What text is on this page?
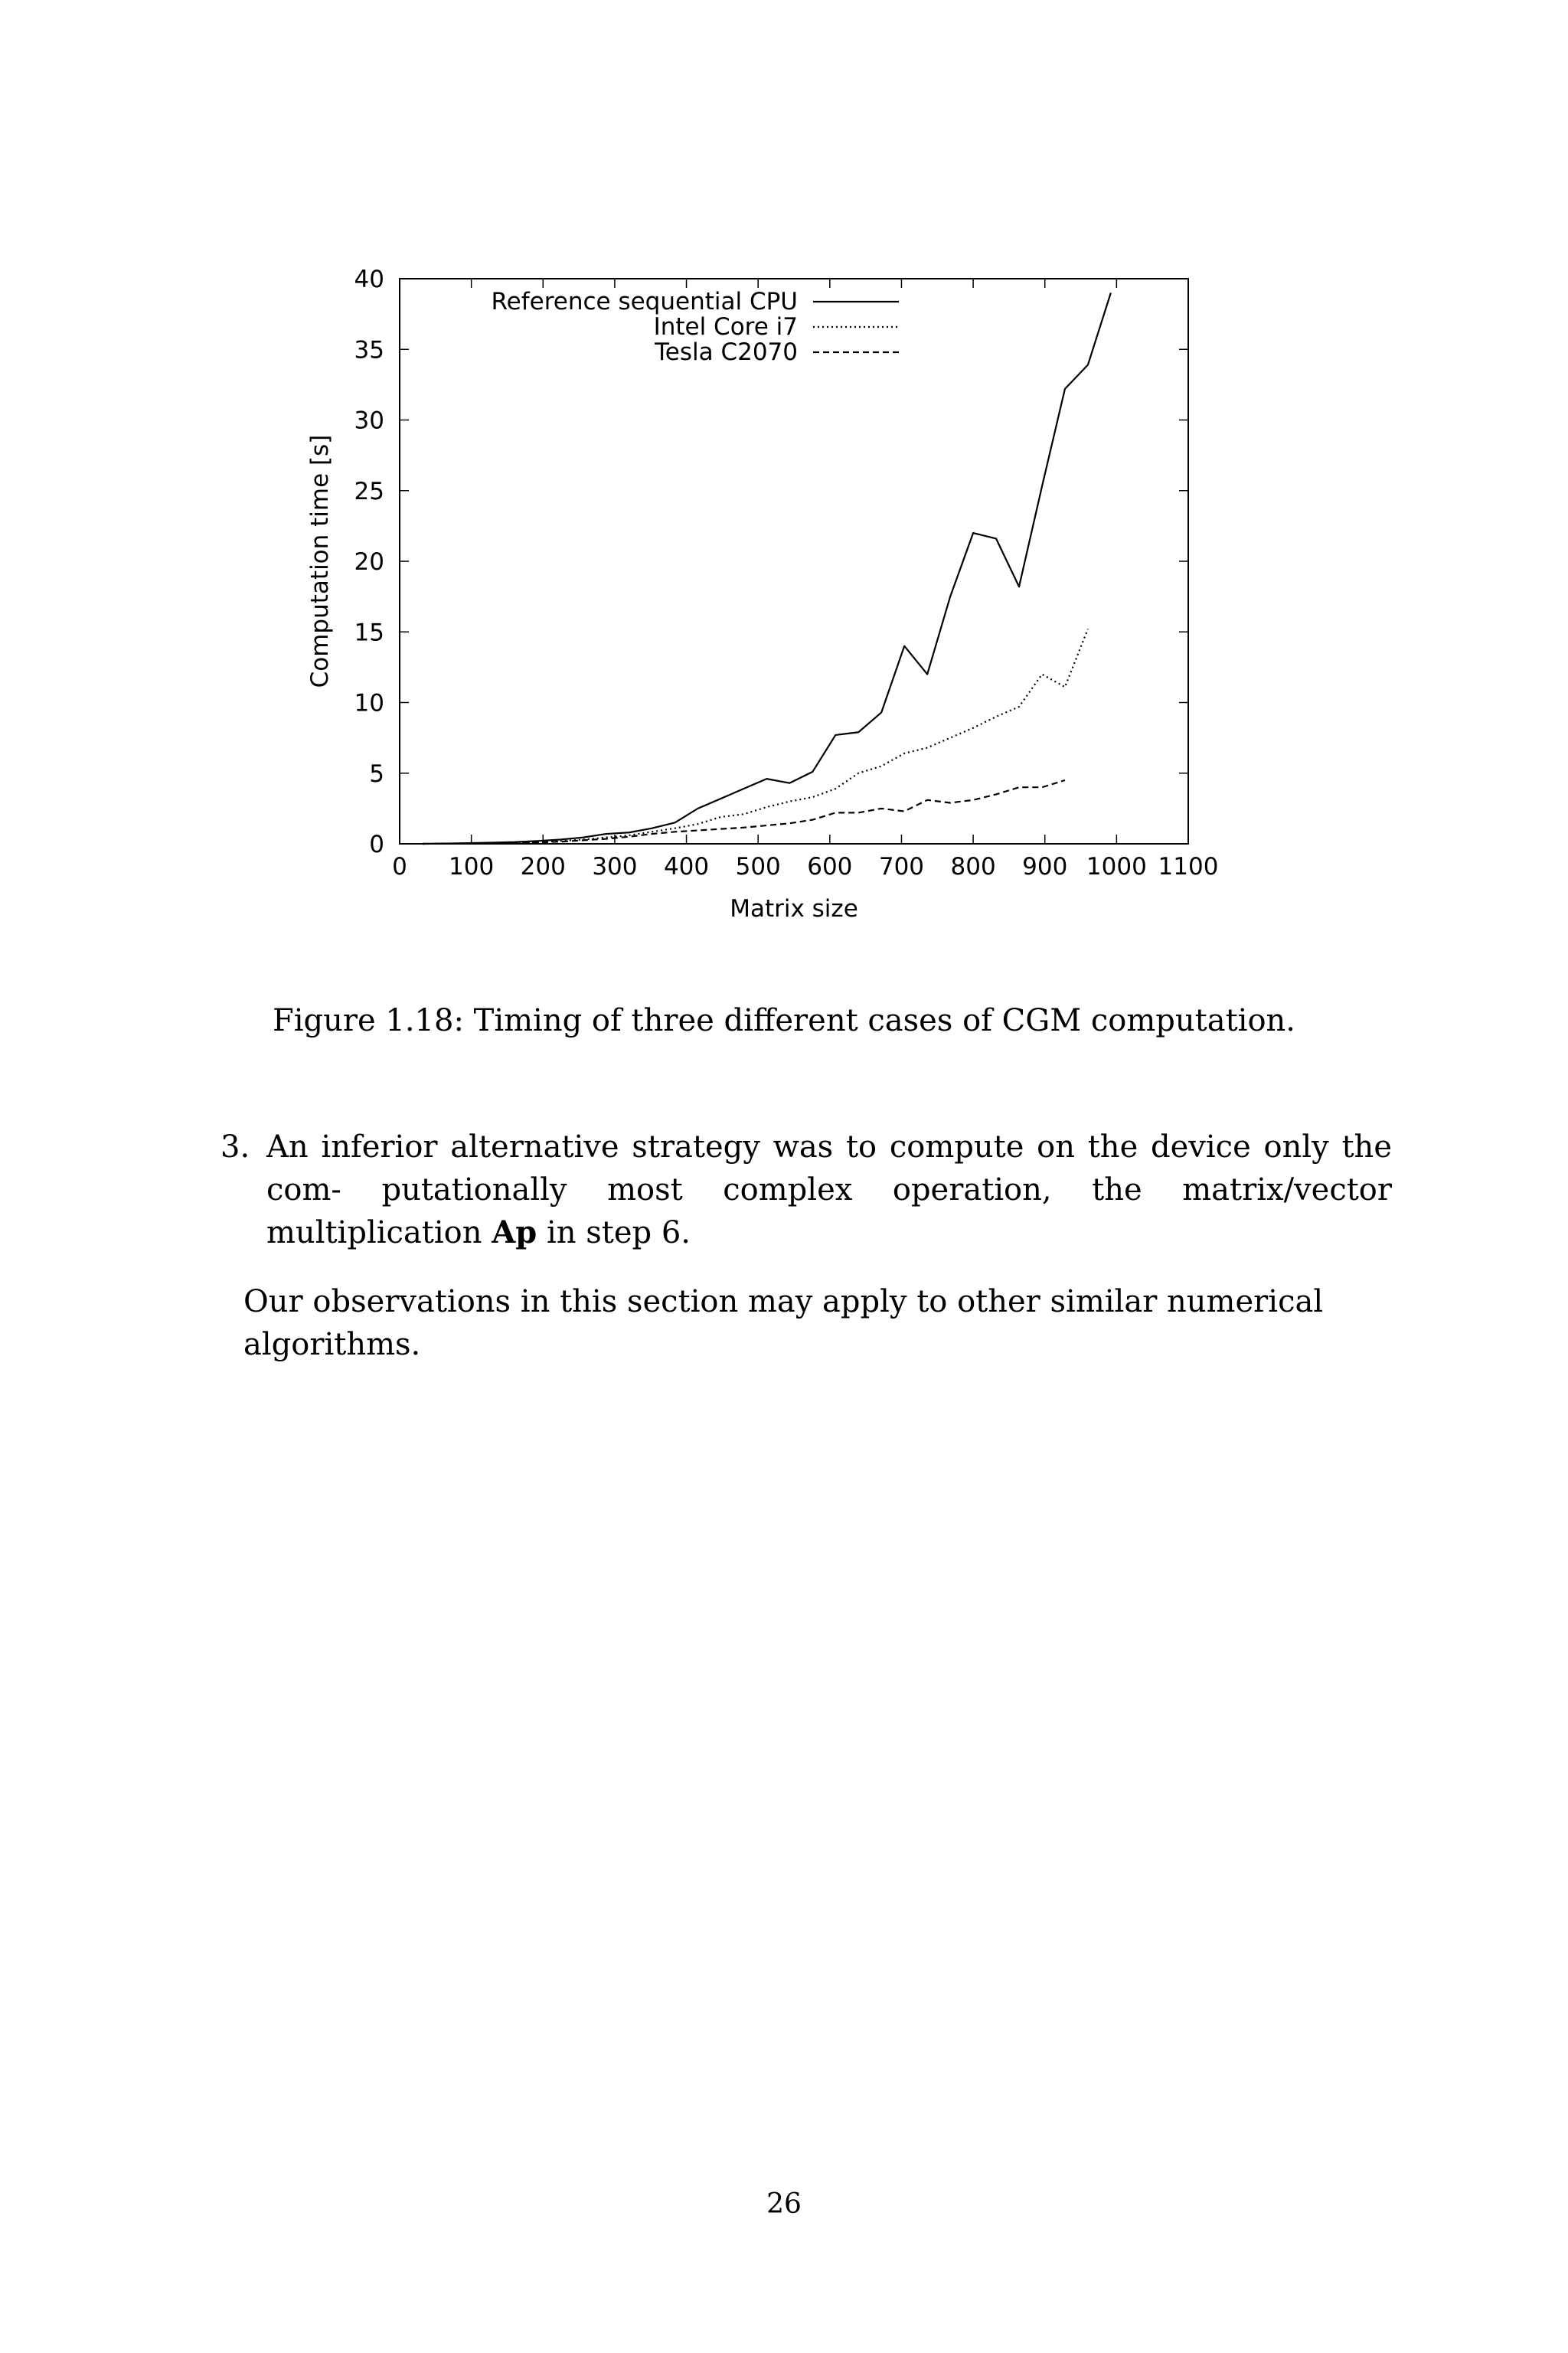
0 100 200 300 400 500 600 700 800 900 1000 1100
0
5
10
15
20
25
30
35
40
Matrix size
Computation time [s]
Reference sequential CPU
Intel Core i7
Tesla C2070
Figure 1.18: Timing of three different cases of CGM computation.
3. An inferior alternative strategy was to compute on the device only the com- putationally most complex operation, the matrix/vector multiplication Ap in step 6.
Our observations in this section may apply to other similar numerical algorithms.
26
